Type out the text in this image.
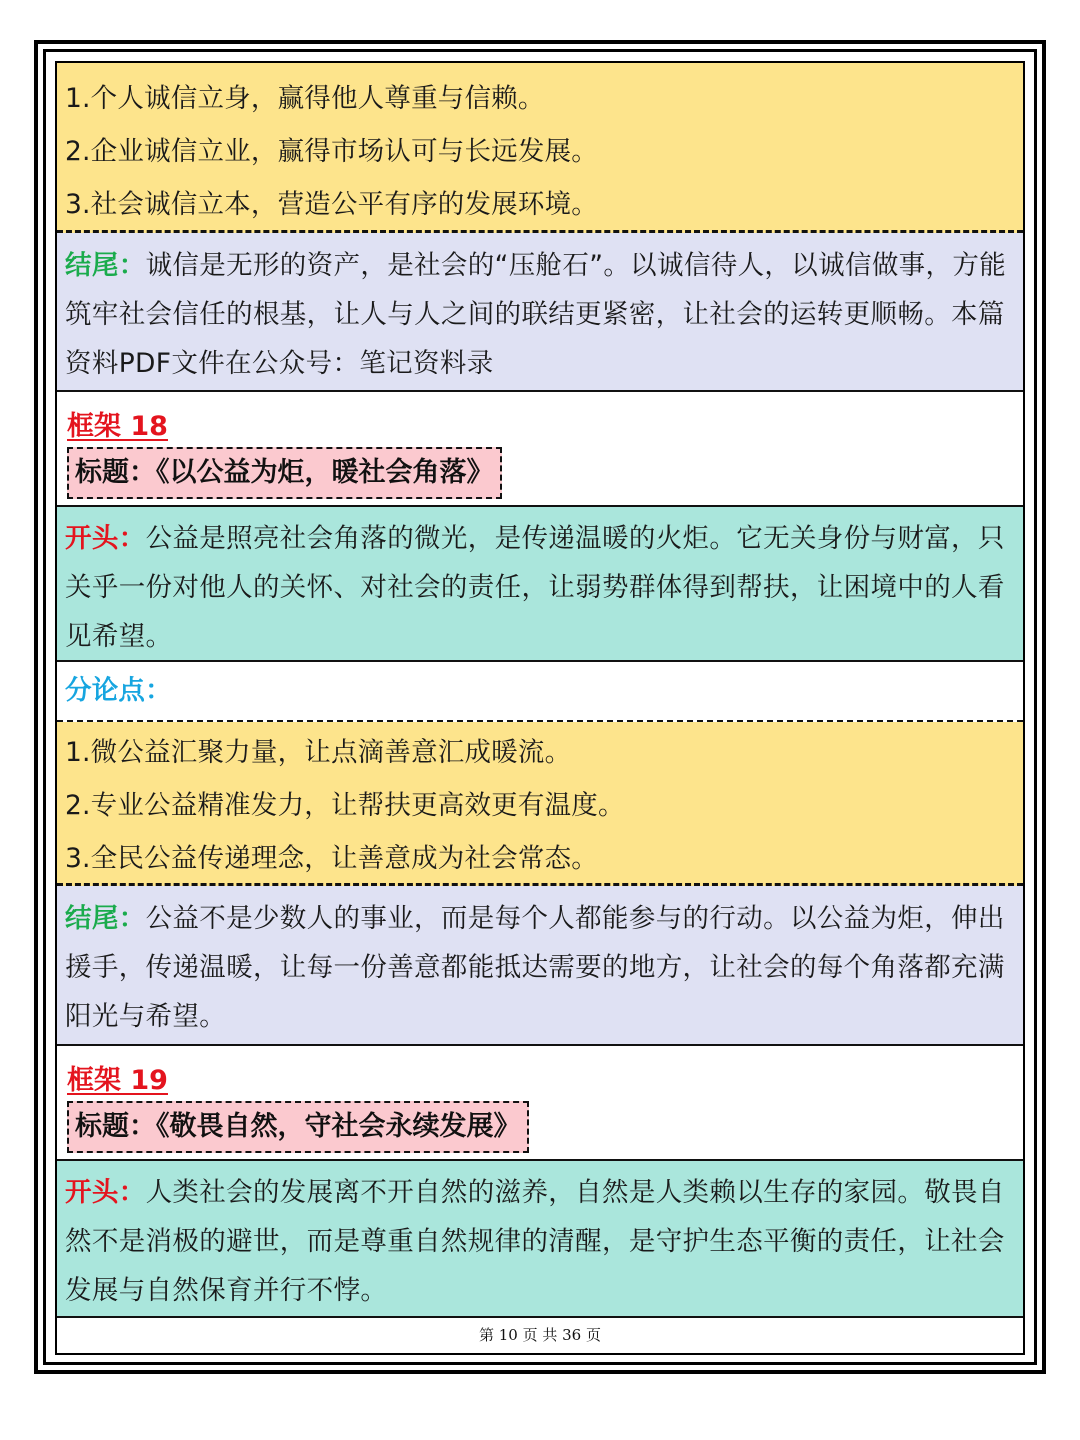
1.个人诚信立身，赢得他人尊重与信赖。
2.企业诚信立业，赢得市场认可与长远发展。
3.社会诚信立本，营造公平有序的发展环境。
结尾：诚信是无形的资产，是社会的“压舱石”。以诚信待人，以诚信做事，方能筑牢社会信任的根基，让人与人之间的联结更紧密，让社会的运转更顺畅。本篇资料PDF文件在公众号：笔记资料录
框架 18
标题：《以公益为炬，暖社会角落》
开头：公益是照亮社会角落的微光，是传递温暖的火炬。它无关身份与财富，只关乎一份对他人的关怀、对社会的责任，让弱势群体得到帮扶，让困境中的人看见希望。
分论点：
1.微公益汇聚力量，让点滴善意汇成暖流。
2.专业公益精准发力，让帮扶更高效更有温度。
3.全民公益传递理念，让善意成为社会常态。
结尾：公益不是少数人的事业，而是每个人都能参与的行动。以公益为炬，伸出援手，传递温暖，让每一份善意都能抵达需要的地方，让社会的每个角落都充满阳光与希望。
框架 19
标题：《敬畏自然，守社会永续发展》
开头：人类社会的发展离不开自然的滋养，自然是人类赖以生存的家园。敬畏自然不是消极的避世，而是尊重自然规律的清醒，是守护生态平衡的责任，让社会发展与自然保育并行不悖。
第 10 页 共 36 页
